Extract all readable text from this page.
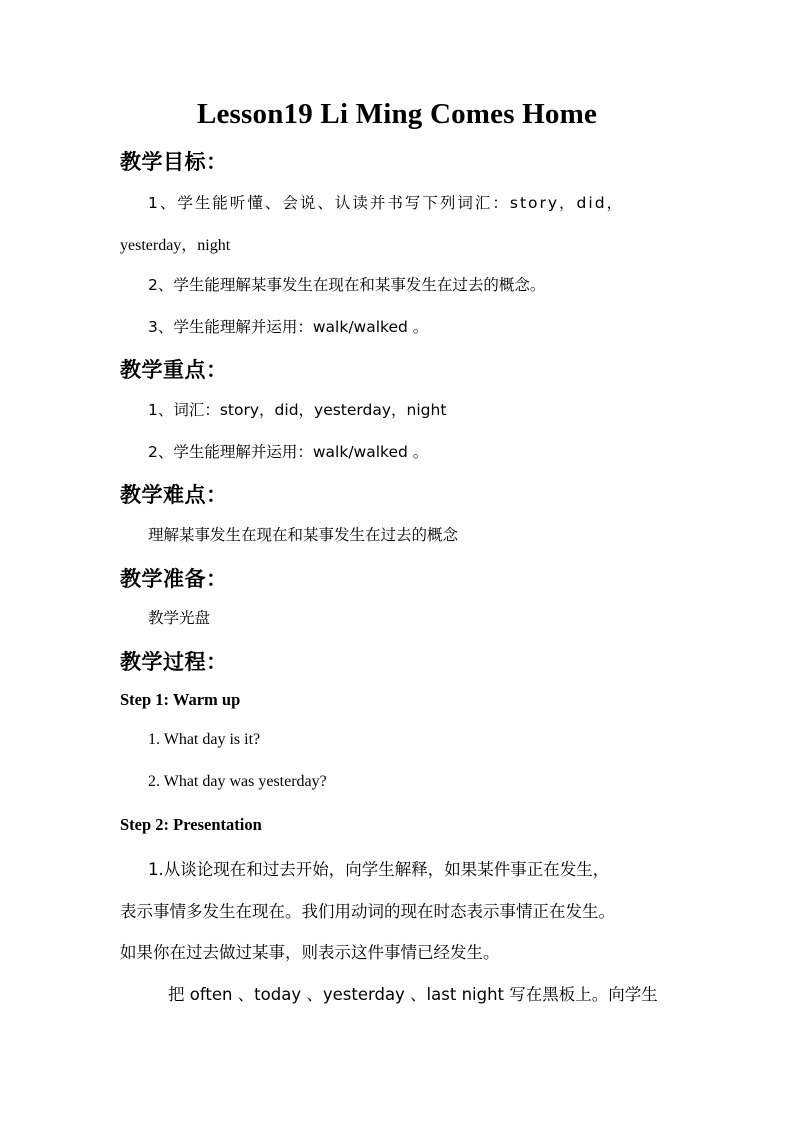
Lesson19 Li Ming Comes Home
教学目标：
1、学生能听懂、会说、认读并书写下列词汇：story，did，
yesterday，night
2、学生能理解某事发生在现在和某事发生在过去的概念。
3、学生能理解并运用：walk/walked 。
教学重点：
1、词汇：story，did，yesterday，night
2、学生能理解并运用：walk/walked 。
教学难点：
理解某事发生在现在和某事发生在过去的概念
教学准备：
教学光盘
教学过程：
Step 1: Warm up
1. What day is it?
2. What day was yesterday?
Step 2: Presentation
1.从谈论现在和过去开始，向学生解释，如果某件事正在发生，
表示事情多发生在现在。我们用动词的现在时态表示事情正在发生。
如果你在过去做过某事，则表示这件事情已经发生。
把 often 、today 、yesterday 、last night 写在黑板上。向学生
